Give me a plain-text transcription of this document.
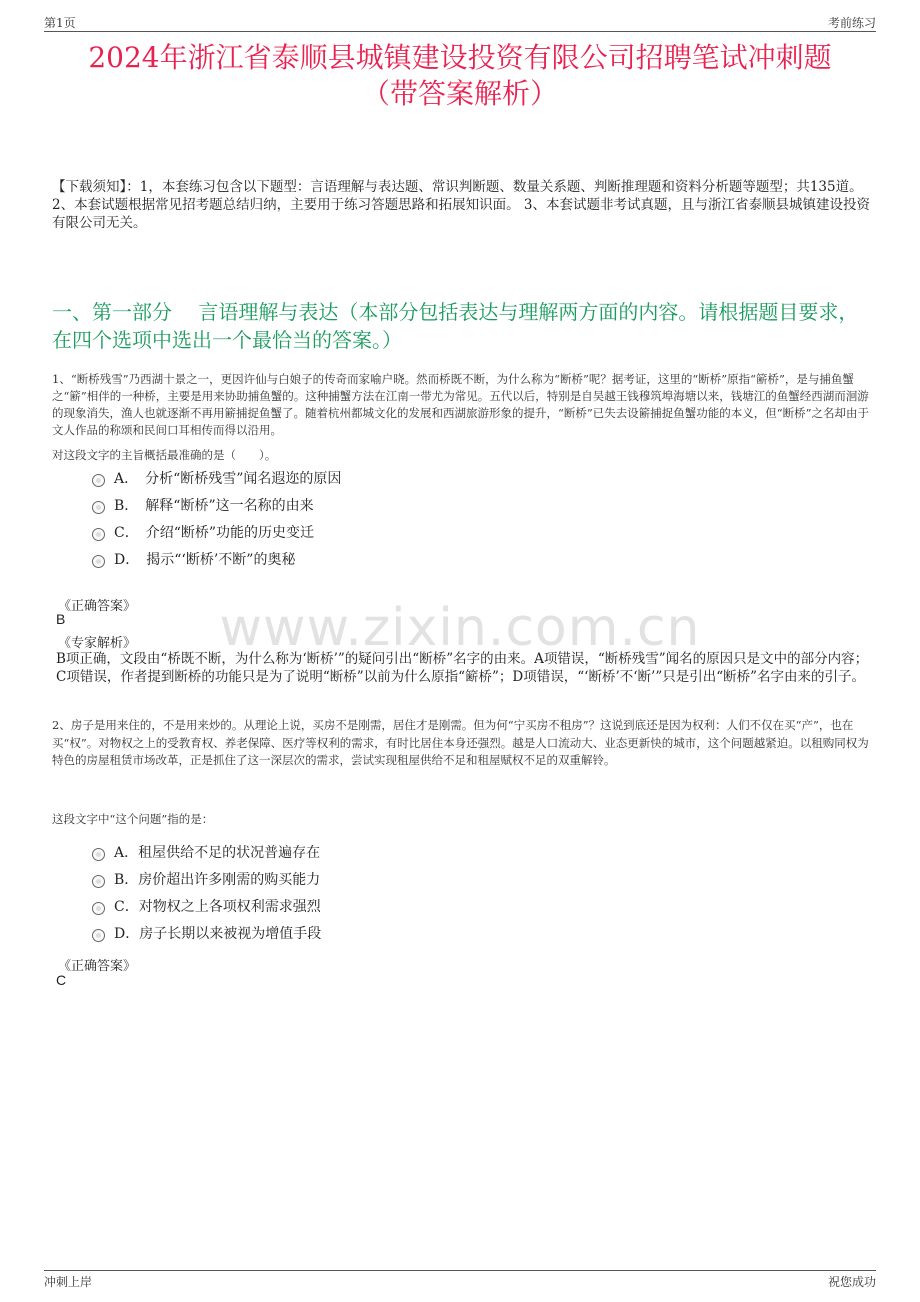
第1页	考前练习
2024年浙江省泰顺县城镇建设投资有限公司招聘笔试冲刺题
（带答案解析）
【下载须知】：1，本套练习包含以下题型：言语理解与表达题、常识判断题、数量关系题、判断推理题和资料分析题等题型；共135道。 2、本套试题根据常见招考题总结归纳，主要用于练习答题思路和拓展知识面。 3、本套试题非考试真题，且与浙江省泰顺县城镇建设投资有限公司无关。
一、第一部分　 言语理解与表达（本部分包括表达与理解两方面的内容。请根据题目要求，在四个选项中选出一个最恰当的答案。）
www.zixin.com.cn
1、“断桥残雪”乃西湖十景之一，更因许仙与白娘子的传奇而家喻户晓。然而桥既不断，为什么称为“断桥”呢？据考证，这里的“断桥”原指“簖桥”，是与捕鱼蟹之“簖”相伴的一种桥，主要是用来协助捕鱼蟹的。这种捕蟹方法在江南一带尤为常见。五代以后，特别是自吴越王钱穆筑埠海塘以来，钱塘江的鱼蟹经西湖而洄游的现象消失，渔人也就逐渐不再用簖捕捉鱼蟹了。随着杭州都城文化的发展和西湖旅游形象的提升，“断桥”已失去设簖捕捉鱼蟹功能的本义，但“断桥”之名却由于文人作品的称颂和民间口耳相传而得以沿用。
对这段文字的主旨概括最准确的是（　　）。
A．　分析“断桥残雪”闻名遐迩的原因
B．　解释“断桥”这一名称的由来
C．　介绍“断桥”功能的历史变迁
D．　揭示“‘断桥’不断”的奥秘
《正确答案》
B
《专家解析》
B项正确，文段由“桥既不断，为什么称为‘断桥’”的疑问引出“断桥”名字的由来。A项错误，“断桥残雪”闻名的原因只是文中的部分内容；C项错误，作者提到断桥的功能只是为了说明“断桥”以前为什么原指“簖桥”；D项错误，“‘断桥’不‘断’”只是引出“断桥”名字由来的引子。
2、房子是用来住的，不是用来炒的。从理论上说，买房不是刚需，居住才是刚需。但为何“宁买房不租房”？这说到底还是因为权利：人们不仅在买“产”，也在买“权”。对物权之上的受教育权、养老保障、医疗等权利的需求，有时比居住本身还强烈。越是人口流动大、业态更新快的城市，这个问题越紧迫。以租购同权为特色的房屋租赁市场改革，正是抓住了这一深层次的需求，尝试实现租屋供给不足和租屋赋权不足的双重解铃。
这段文字中“这个问题”指的是：
A．租屋供给不足的状况普遍存在
B．房价超出许多刚需的购买能力
C．对物权之上各项权利需求强烈
D．房子长期以来被视为增值手段
《正确答案》
C
冲刺上岸	祝您成功
